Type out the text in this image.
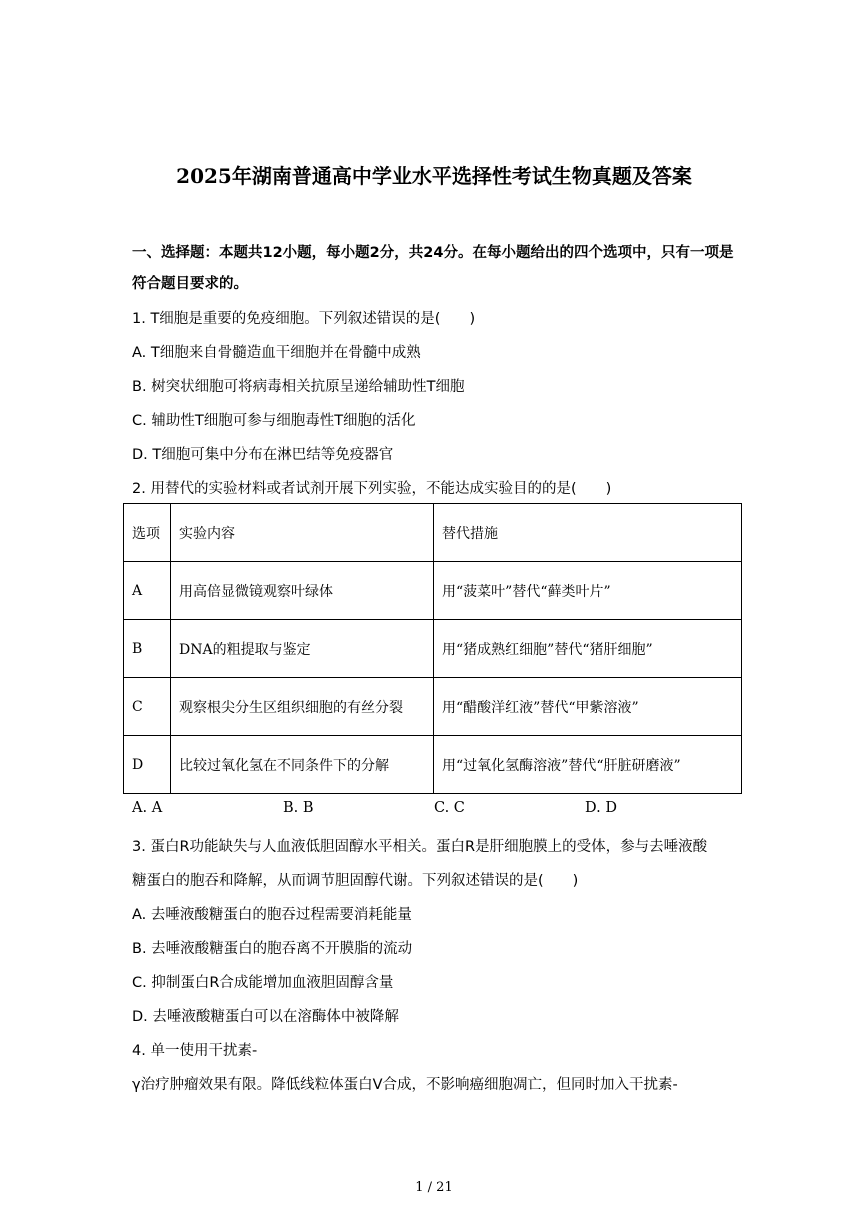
2025年湖南普通高中学业水平选择性考试生物真题及答案
一、选择题：本题共12小题，每小题2分，共24分。在每小题给出的四个选项中，只有一项是符合题目要求的。
1. T细胞是重要的免疫细胞。下列叙述错误的是(　　)
A. T细胞来自骨髓造血干细胞并在骨髓中成熟
B. 树突状细胞可将病毒相关抗原呈递给辅助性T细胞
C. 辅助性T细胞可参与细胞毒性T细胞的活化
D. T细胞可集中分布在淋巴结等免疫器官
2. 用替代的实验材料或者试剂开展下列实验，不能达成实验目的的是(　　)
选项	实验内容	替代措施
A	用高倍显微镜观察叶绿体	用“菠菜叶”替代“藓类叶片”
B	DNA的粗提取与鉴定	用“猪成熟红细胞”替代“猪肝细胞”
C	观察根尖分生区组织细胞的有丝分裂	用“醋酸洋红液”替代“甲紫溶液”
D	比较过氧化氢在不同条件下的分解	用“过氧化氢酶溶液”替代“肝脏研磨液”
A. A	B. B	C. C	D. D
3. 蛋白R功能缺失与人血液低胆固醇水平相关。蛋白R是肝细胞膜上的受体，参与去唾液酸
糖蛋白的胞吞和降解，从而调节胆固醇代谢。下列叙述错误的是(　　)
A. 去唾液酸糖蛋白的胞吞过程需要消耗能量
B. 去唾液酸糖蛋白的胞吞离不开膜脂的流动
C. 抑制蛋白R合成能增加血液胆固醇含量
D. 去唾液酸糖蛋白可以在溶酶体中被降解
4. 单一使用干扰素-
γ治疗肿瘤效果有限。降低线粒体蛋白V合成，不影响癌细胞凋亡，但同时加入干扰素-
1 / 21
